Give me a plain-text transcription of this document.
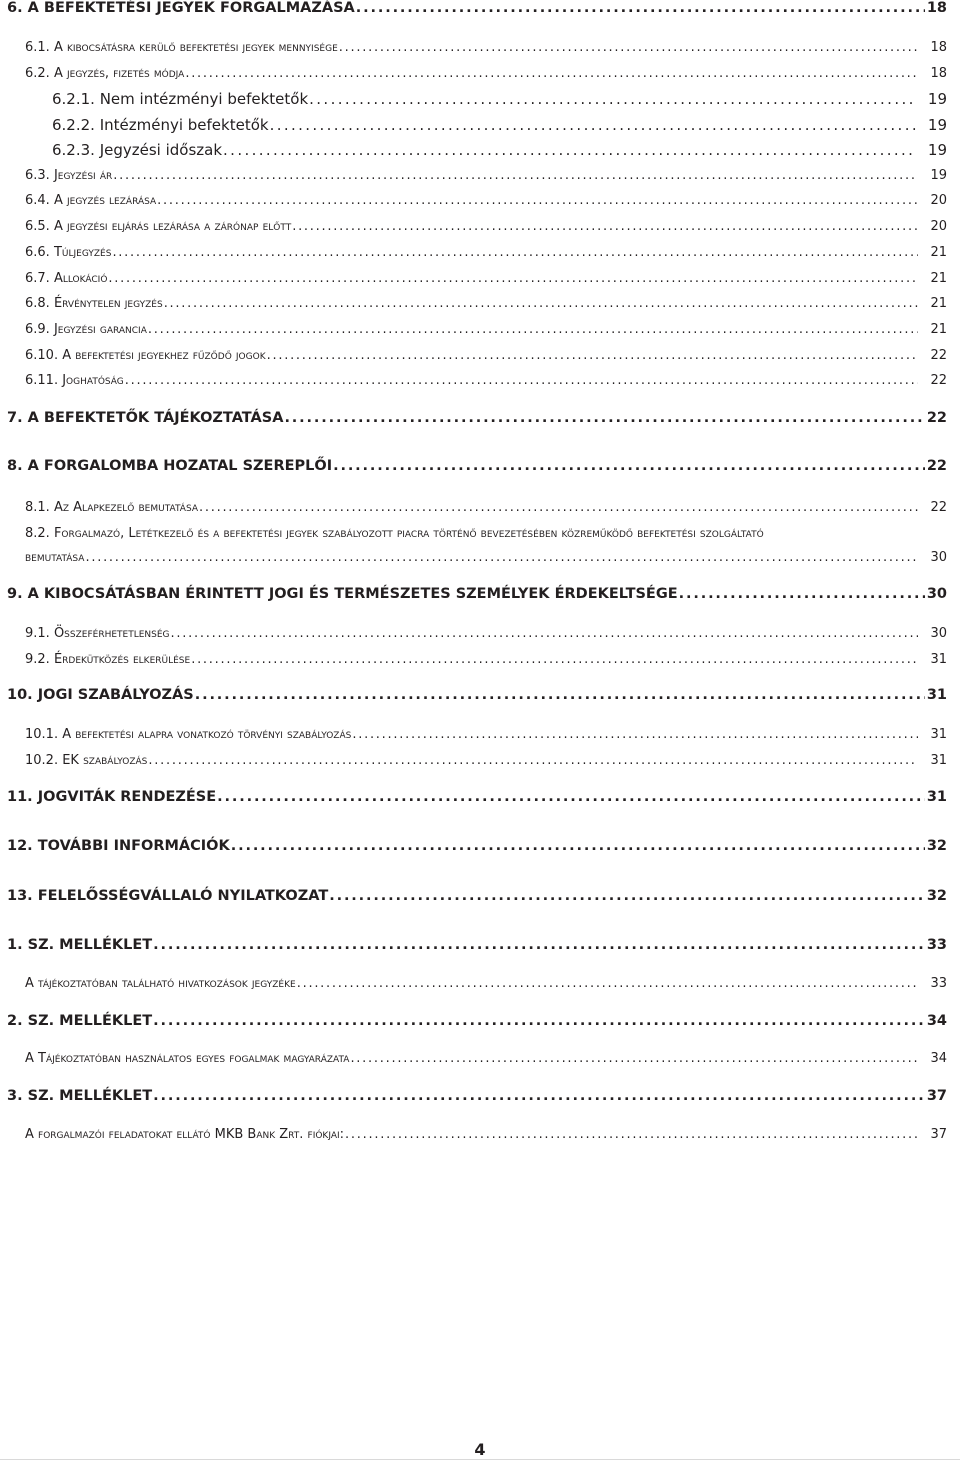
6. A BEFEKTETÉSI JEGYEK FORGALMAZÁSA . . .	18
6.1. A kibocsátásra kerülő befektetési jegyek mennyisége . . .	18
6.2. A jegyzés, fizetés módja . . .	18
6.2.1. Nem intézményi befektetők . . .	19
6.2.2. Intézményi befektetők . . .	19
6.2.3. Jegyzési időszak . . .	19
6.3. Jegyzési ár . . .	19
6.4. A jegyzés lezárása . . .	20
6.5. A jegyzési eljárás lezárása a zárónap előtt . . .	20
6.6. Túljegyzés . . .	21
6.7. Allokáció . . .	21
6.8. Érvénytelen jegyzés . . .	21
6.9. Jegyzési garancia . . .	21
6.10. A befektetési jegyekhez fűződő jogok . . .	22
6.11. Joghatóság . . .	22
7. A BEFEKTETŐK TÁJÉKOZTATÁSA . . .	22
8. A FORGALOMBA HOZATAL SZEREPLŐI . . .	22
8.1. Az Alapkezelő bemutatása . . .	22
8.2. Forgalmazó, Letétkezelő és a befektetési jegyek szabályozott piacra történő bevezetésében közreműködő befektetési szolgáltató
bemutatása . . .	30
9. A KIBOCSÁTÁSBAN ÉRINTETT JOGI ÉS TERMÉSZETES SZEMÉLYEK ÉRDEKELTSÉGE . . .	30
9.1. Összeférhetetlenség . . .	30
9.2. Érdekütközés elkerülése . . .	31
10. JOGI SZABÁLYOZÁS . . .	31
10.1. A befektetési alapra vonatkozó törvényi szabályozás . . .	31
10.2. EK szabályozás . . .	31
11. JOGVITÁK RENDEZÉSE . . .	31
12. TOVÁBBI INFORMÁCIÓK . . .	32
13. FELELŐSSÉGVÁLLALÓ NYILATKOZAT . . .	32
1. SZ. MELLÉKLET . . .	33
A tájékoztatóban található hivatkozások jegyzéke . . .	33
2. SZ. MELLÉKLET . . .	34
A Tájékoztatóban használatos egyes fogalmak magyarázata . . .	34
3. SZ. MELLÉKLET . . .	37
A forgalmazói feladatokat ellátó MKB Bank Zrt. fiókjai: . . .	37
4
